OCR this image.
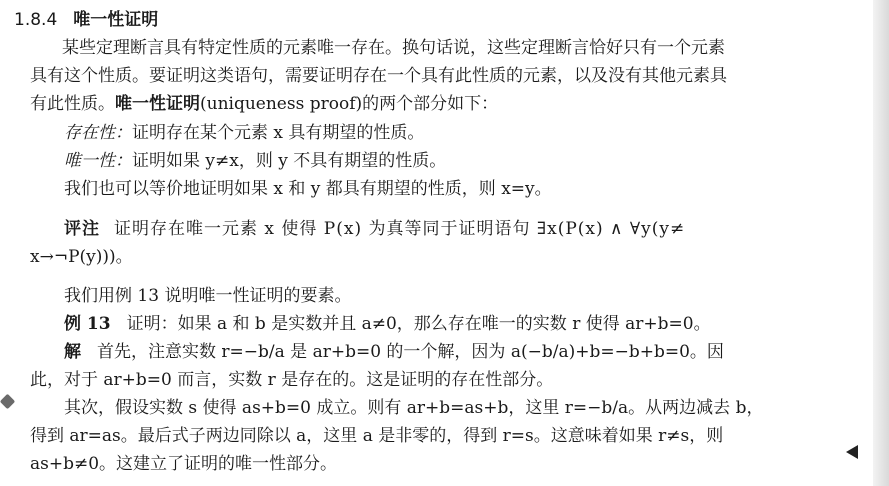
1.8.4 唯一性证明
某些定理断言具有特定性质的元素唯一存在。换句话说，这些定理断言恰好只有一个元素
具有这个性质。要证明这类语句，需要证明存在一个具有此性质的元素，以及没有其他元素具
有此性质。唯一性证明(uniqueness proof)的两个部分如下：
存在性：证明存在某个元素 x 具有期望的性质。
唯一性：证明如果 y≠x，则 y 不具有期望的性质。
我们也可以等价地证明如果 x 和 y 都具有期望的性质，则 x=y。
评注 证明存在唯一元素 x 使得 P(x) 为真等同于证明语句 ∃x(P(x) ∧ ∀y(y≠
x→¬P(y)))。
我们用例 13 说明唯一性证明的要素。
例 13 证明：如果 a 和 b 是实数并且 a≠0，那么存在唯一的实数 r 使得 ar+b=0。
解 首先，注意实数 r=−b/a 是 ar+b=0 的一个解，因为 a(−b/a)+b=−b+b=0。因
此，对于 ar+b=0 而言，实数 r 是存在的。这是证明的存在性部分。
其次，假设实数 s 使得 as+b=0 成立。则有 ar+b=as+b，这里 r=−b/a。从两边减去 b，
得到 ar=as。最后式子两边同除以 a，这里 a 是非零的，得到 r=s。这意味着如果 r≠s，则
as+b≠0。这建立了证明的唯一性部分。
